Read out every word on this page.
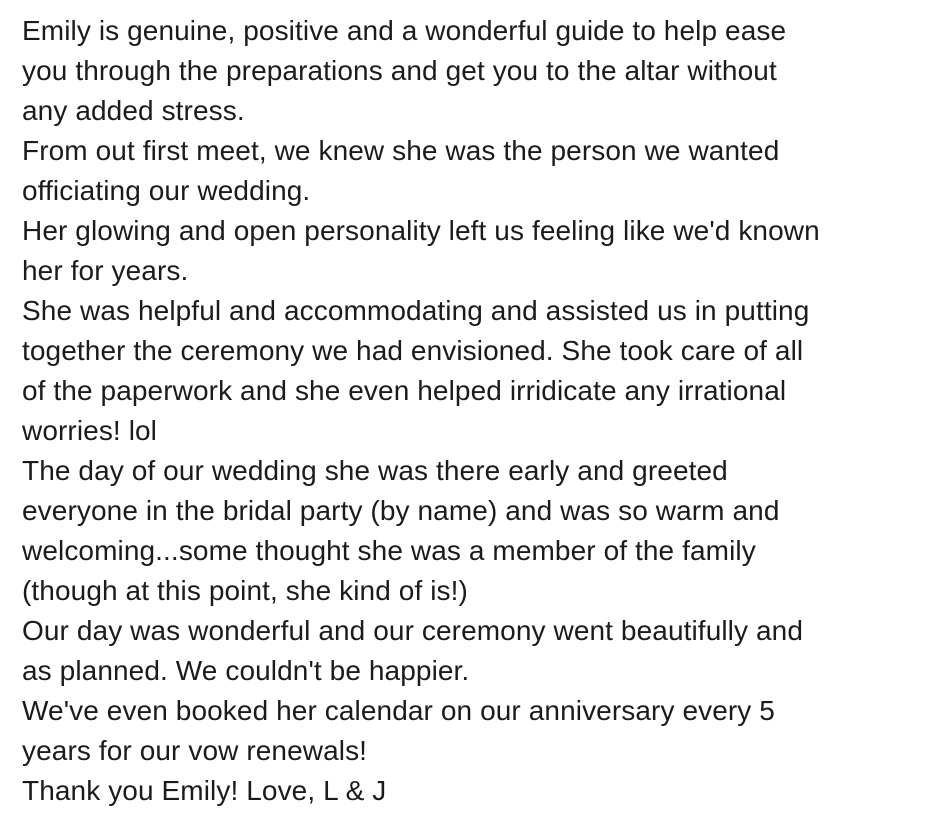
Emily is genuine, positive and a wonderful guide to help ease
you through the preparations and get you to the altar without
any added stress.
From out first meet, we knew she was the person we wanted
officiating our wedding.
Her glowing and open personality left us feeling like we'd known
her for years.
She was helpful and accommodating and assisted us in putting
together the ceremony we had envisioned. She took care of all
of the paperwork and she even helped irridicate any irrational
worries! lol
The day of our wedding she was there early and greeted
everyone in the bridal party (by name) and was so warm and
welcoming...some thought she was a member of the family
(though at this point, she kind of is!)
Our day was wonderful and our ceremony went beautifully and
as planned. We couldn't be happier.
We've even booked her calendar on our anniversary every 5
years for our vow renewals!
Thank you Emily! Love, L & J
